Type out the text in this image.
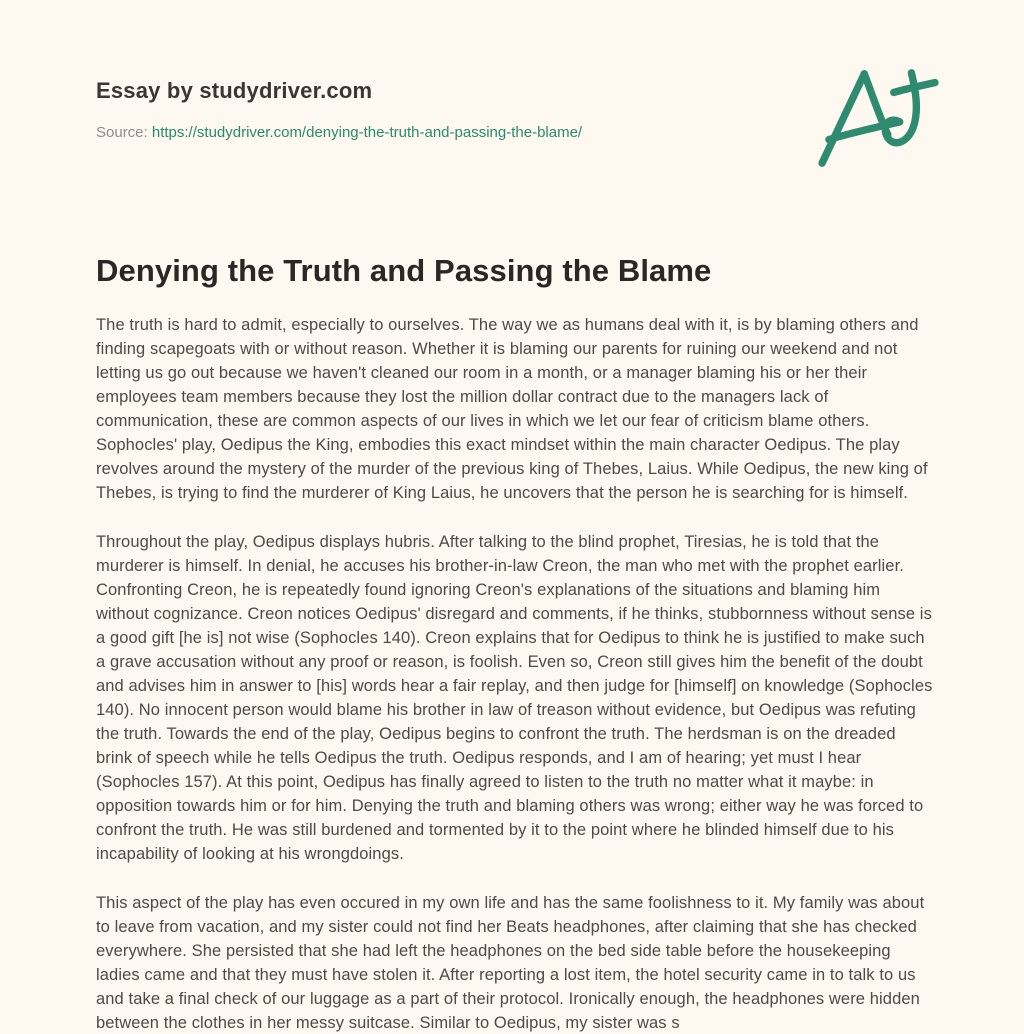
Essay by studydriver.com
Source: https://studydriver.com/denying-the-truth-and-passing-the-blame/
Denying the Truth and Passing the Blame

The truth is hard to admit, especially to ourselves. The way we as humans deal with it, is by blaming others and finding scapegoats with or without reason. Whether it is blaming our parents for ruining our weekend and not letting us go out because we haven't cleaned our room in a month, or a manager blaming his or her their employees team members because they lost the million dollar contract due to the managers lack of communication, these are common aspects of our lives in which we let our fear of criticism blame others. Sophocles' play, Oedipus the King, embodies this exact mindset within the main character Oedipus. The play revolves around the mystery of the murder of the previous king of Thebes, Laius. While Oedipus, the new king of Thebes, is trying to find the murderer of King Laius, he uncovers that the person he is searching for is himself.

Throughout the play, Oedipus displays hubris. After talking to the blind prophet, Tiresias, he is told that the murderer is himself. In denial, he accuses his brother-in-law Creon, the man who met with the prophet earlier. Confronting Creon, he is repeatedly found ignoring Creon's explanations of the situations and blaming him without cognizance. Creon notices Oedipus' disregard and comments, if he thinks, stubbornness without sense is a good gift [he is] not wise (Sophocles 140). Creon explains that for Oedipus to think he is justified to make such a grave accusation without any proof or reason, is foolish. Even so, Creon still gives him the benefit of the doubt and advises him in answer to [his] words hear a fair replay, and then judge for [himself] on knowledge (Sophocles 140). No innocent person would blame his brother in law of treason without evidence, but Oedipus was refuting the truth. Towards the end of the play, Oedipus begins to confront the truth. The herdsman is on the dreaded brink of speech while he tells Oedipus the truth. Oedipus responds, and I am of hearing; yet must I hear (Sophocles 157). At this point, Oedipus has finally agreed to listen to the truth no matter what it maybe: in opposition towards him or for him. Denying the truth and blaming others was wrong; either way he was forced to confront the truth. He was still burdened and tormented by it to the point where he blinded himself due to his incapability of looking at his wrongdoings.

This aspect of the play has even occured in my own life and has the same foolishness to it. My family was about to leave from vacation, and my sister could not find her Beats headphones, after claiming that she has checked everywhere. She persisted that she had left the headphones on the bed side table before the housekeeping ladies came and that they must have stolen it. After reporting a lost item, the hotel security came in to talk to us and take a final check of our luggage as a part of their protocol. Ironically enough, the headphones were hidden between the clothes in her messy suitcase. Similar to Oedipus, my sister was s
